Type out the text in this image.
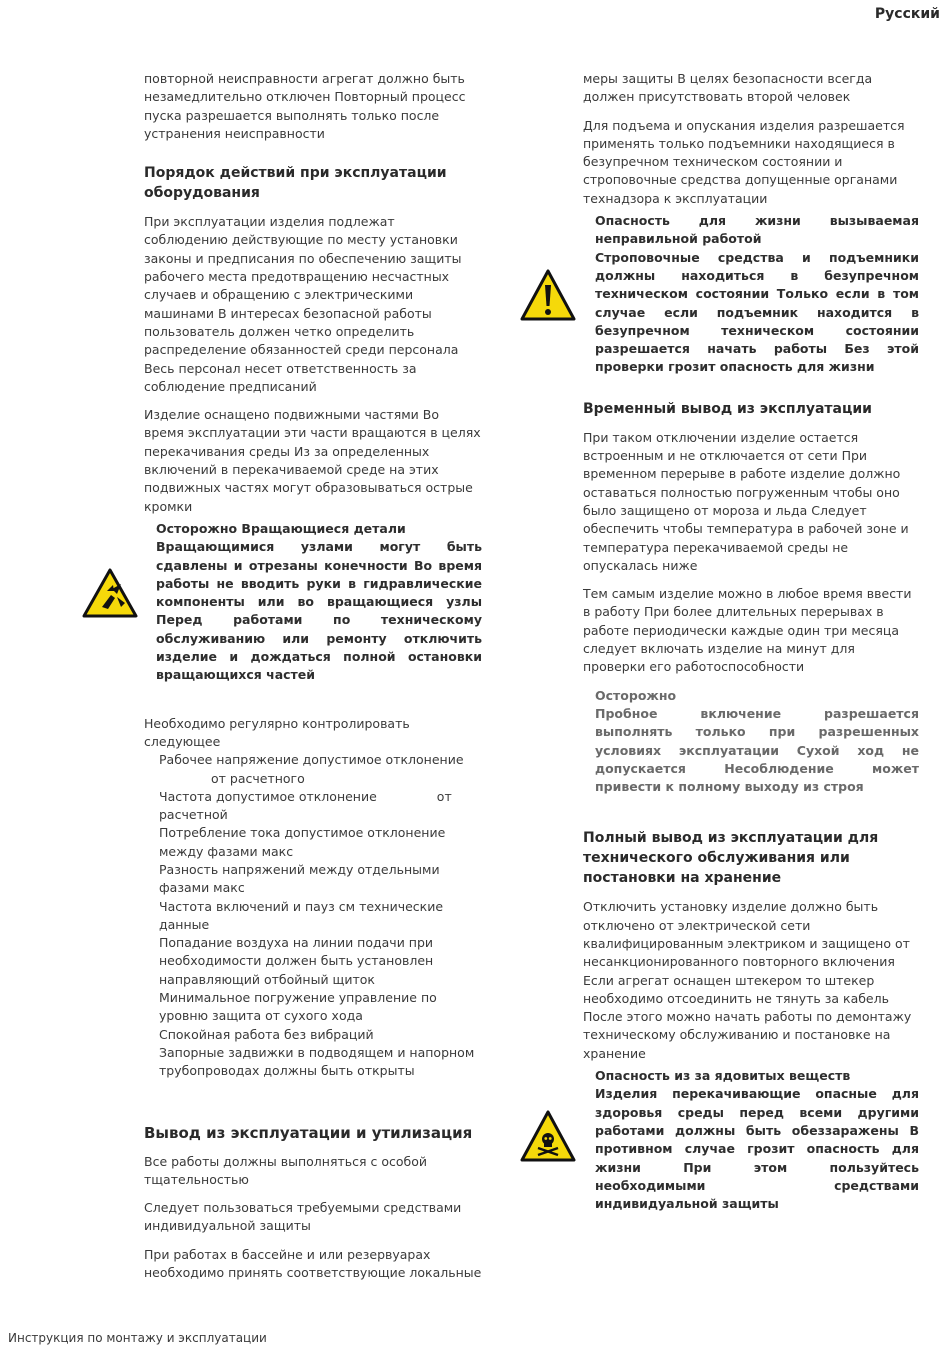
Русский

повторной неисправности агрегат должно быть незамедлительно отключен Повторный процесс пуска разрешается выполнять только после устранения неисправности

Порядок действий при эксплуатации оборудования

При эксплуатации изделия подлежат соблюдению действующие по месту установки законы и предписания по обеспечению защиты рабочего места предотвращению несчастных случаев и обращению с электрическими машинами В интересах безопасной работы пользователь должен четко определить распределение обязанностей среди персонала Весь персонал несет ответственность за соблюдение предписаний

Изделие оснащено подвижными частями Во время эксплуатации эти части вращаются в целях перекачивания среды Из за определенных включений в перекачиваемой среде на этих подвижных частях могут образовываться острые кромки

Осторожно Вращающиеся детали
Вращающимися узлами могут быть сдавлены и отрезаны конечности Во время работы не вводить руки в гидравлические компоненты или во вращающиеся узлы Перед работами по техническому обслуживанию или ремонту отключить изделие и дождаться полной остановки вращающихся частей

Необходимо регулярно контролировать следующее

Рабочее напряжение допустимое отклонение
от расчетного
Частота допустимое отклонение	от
расчетной
Потребление тока допустимое отклонение между фазами макс
Разность напряжений между отдельными фазами макс
Частота включений и пауз см технические данные
Попадание воздуха на линии подачи при необходимости должен быть установлен направляющий отбойный щиток
Минимальное погружение управление по уровню защита от сухого хода
Спокойная работа без вибраций
Запорные задвижки в подводящем и напорном трубопроводах должны быть открыты
Вывод из эксплуатации и утилизация

Все работы должны выполняться с особой тщательностью

Следует пользоваться требуемыми средствами индивидуальной защиты

При работах в бассейне и или резервуарах необходимо принять соответствующие локальные

меры защиты В целях безопасности всегда должен присутствовать второй человек

Для подъема и опускания изделия разрешается применять только подъемники находящиеся в безупречном техническом состоянии и строповочные средства допущенные органами технадзора к эксплуатации

Опасность для жизни вызываемая неправильной работой
Строповочные средства и подъемники должны находиться в безупречном техническом состоянии Только если в том случае если подъемник находится в безупречном техническом состоянии разрешается начать работы Без этой проверки грозит опасность для жизни
Временный вывод из эксплуатации

При таком отключении изделие остается встроенным и не отключается от сети При временном перерыве в работе изделие должно оставаться полностью погруженным чтобы оно было защищено от мороза и льда Следует обеспечить чтобы температура в рабочей зоне и температура перекачиваемой среды не опускалась ниже

Тем самым изделие можно в любое время ввести в работу При более длительных перерывах в работе периодически каждые один три месяца следует включать изделие на минут для проверки его работоспособности

Осторожно
Пробное включение разрешается выполнять только при разрешенных условиях эксплуатации Сухой ход не допускается Несоблюдение может привести к полному выходу из строя
Полный вывод из эксплуатации для технического обслуживания или постановки на хранение

Отключить установку изделие должно быть отключено от электрической сети квалифицированным электриком и защищено от несанкционированного повторного включения Если агрегат оснащен штекером то штекер необходимо отсоединить не тянуть за кабель После этого можно начать работы по демонтажу техническому обслуживанию и постановке на хранение

Опасность из за ядовитых веществ
Изделия перекачивающие опасные для здоровья среды перед всеми другими работами должны быть обеззаражены В противном случае грозит опасность для жизни При этом пользуйтесь необходимыми средствами индивидуальной защиты
Инструкция по монтажу и эксплуатации
